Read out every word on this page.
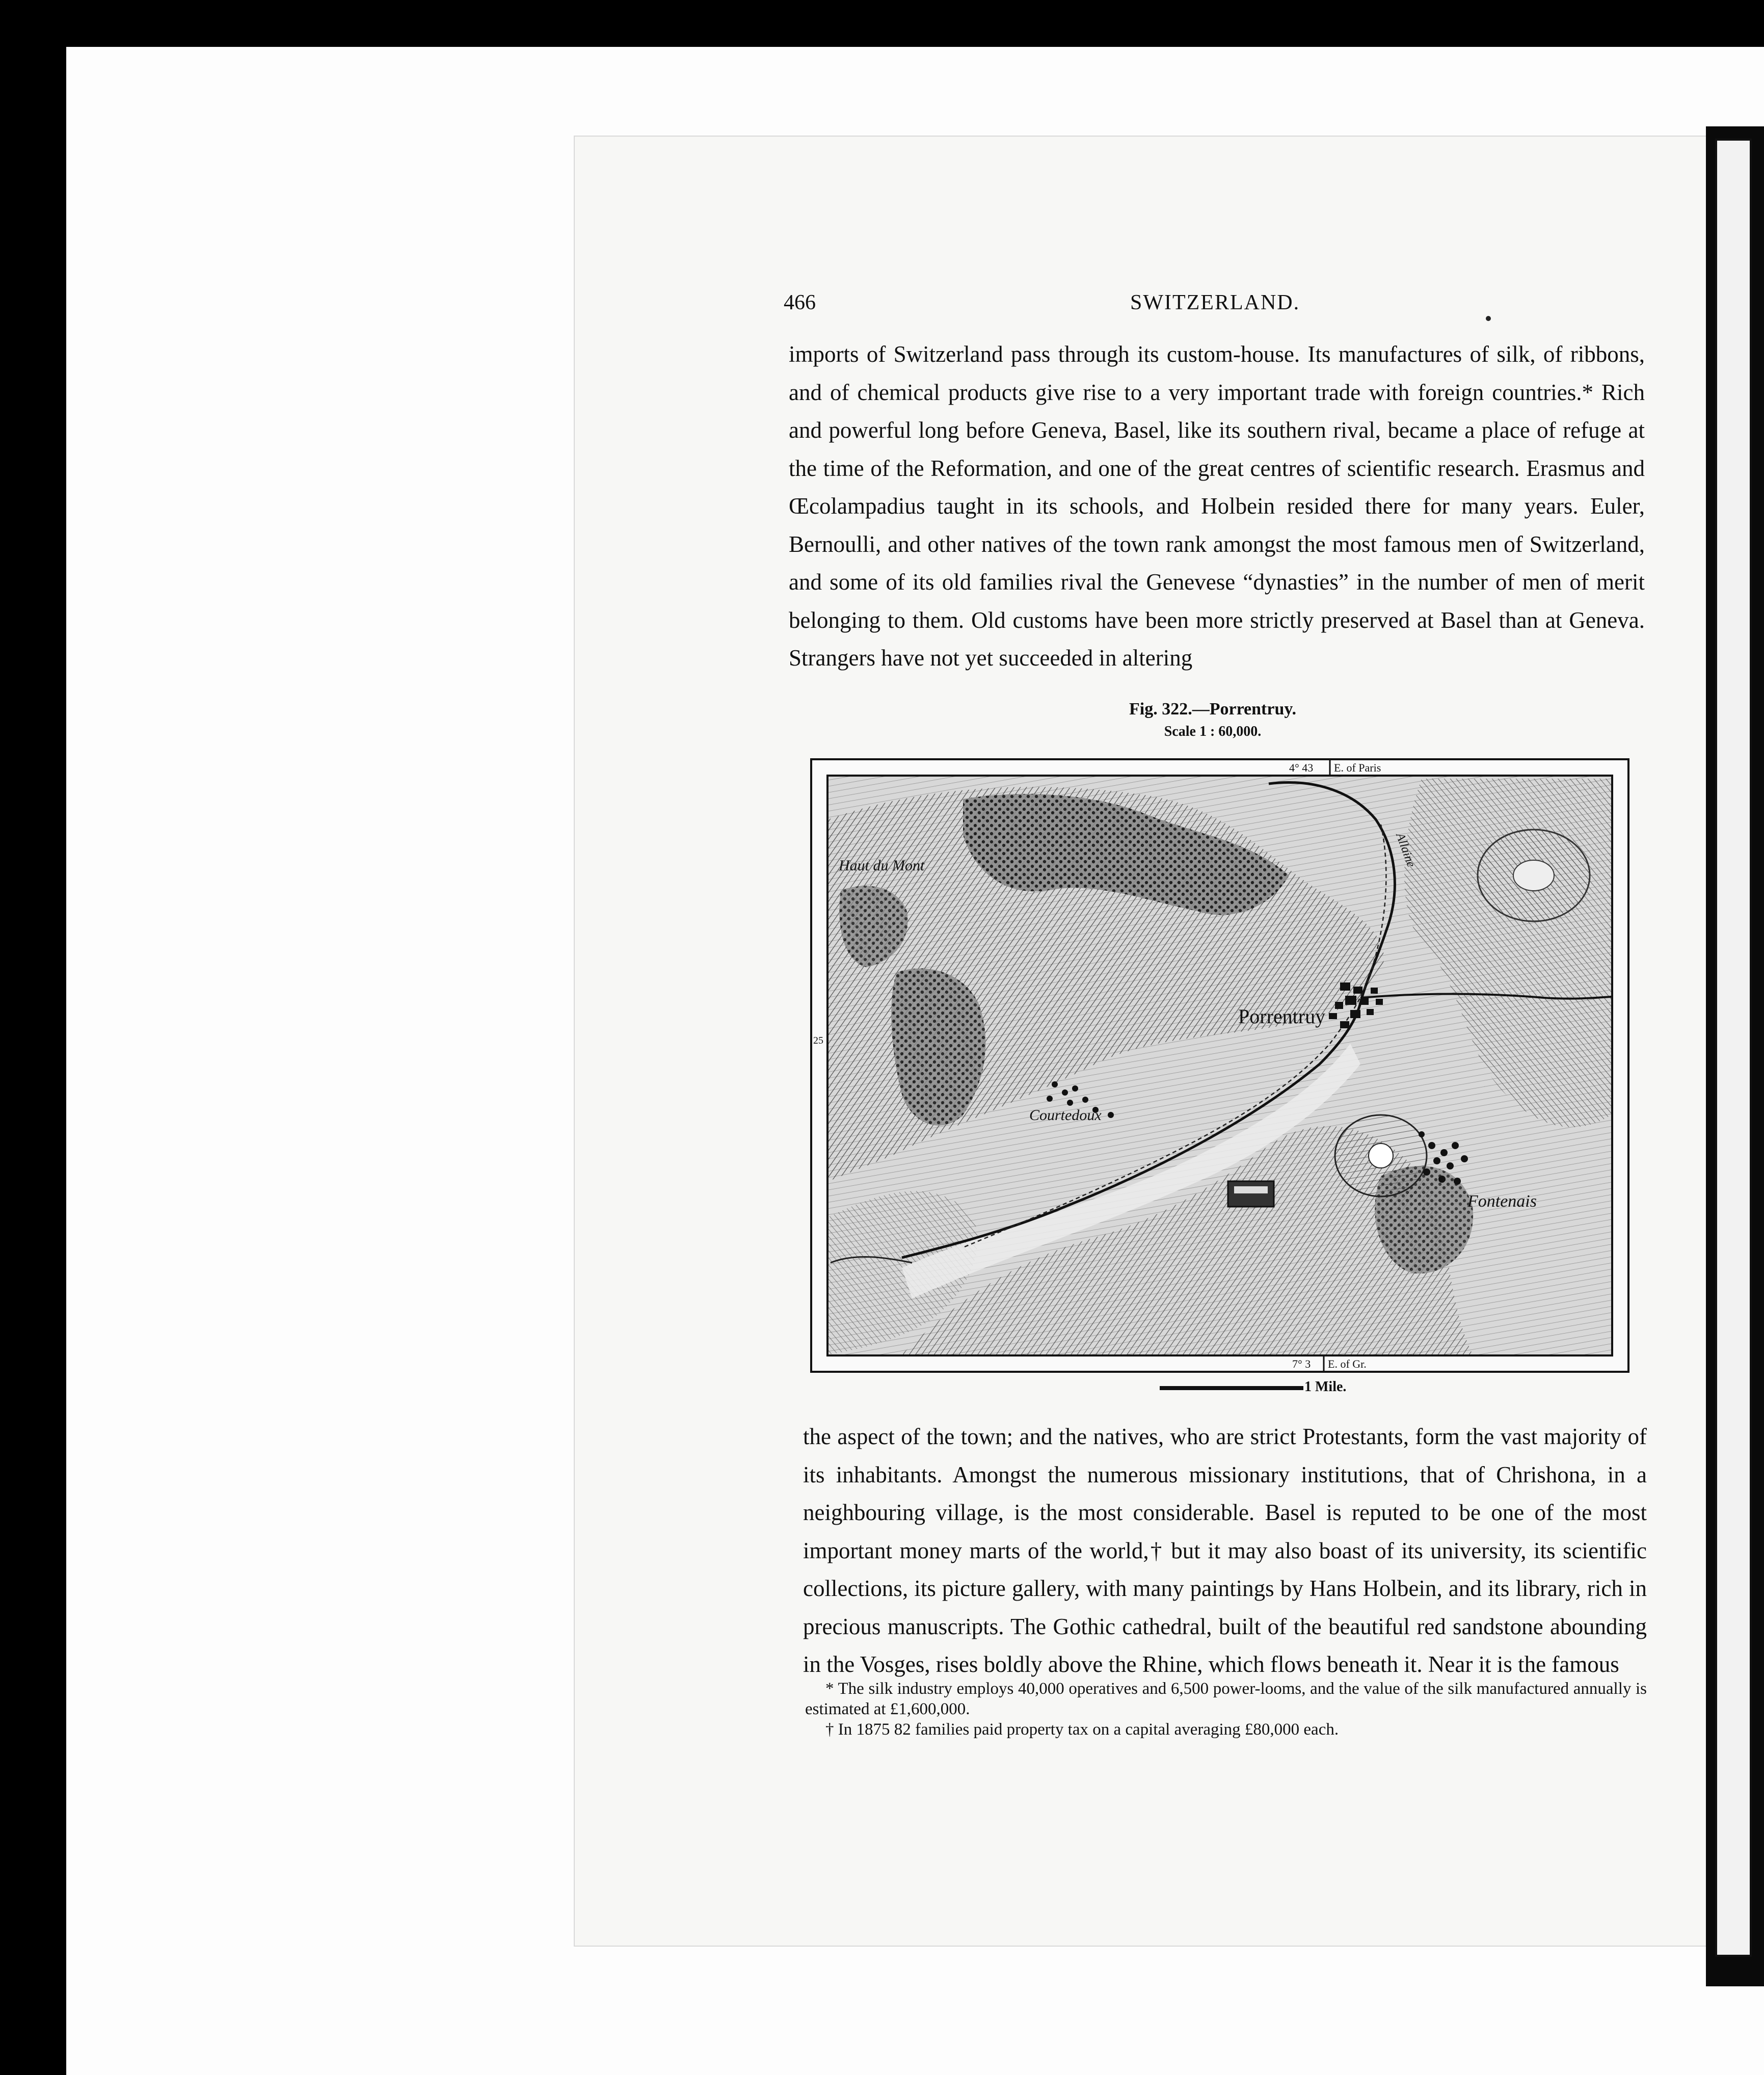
466	SWITZERLAND.

imports of Switzerland pass through its custom-house. Its manufactures of silk, of ribbons, and of chemical products give rise to a very important trade with foreign countries.* Rich and powerful long before Geneva, Basel, like its southern rival, became a place of refuge at the time of the Reformation, and one of the great centres of scientific research. Erasmus and Œcolampadius taught in its schools, and Holbein resided there for many years. Euler, Bernoulli, and other natives of the town rank amongst the most famous men of Switzerland, and some of its old families rival the Genevese “dynasties” in the number of men of merit belonging to them. Old customs have been more strictly preserved at Basel than at Geneva. Strangers have not yet succeeded in altering

Fig. 322.—Porrentruy.
Scale 1 : 60,000.
Haut du Mont
Porrentruy
Courtedoux
Fontenais
Allaine
4° 43 E. of Paris
7° 3 E. of Gr.
25
1 Mile.

the aspect of the town; and the natives, who are strict Protestants, form the vast majority of its inhabitants. Amongst the numerous missionary institutions, that of Chrishona, in a neighbouring village, is the most considerable. Basel is reputed to be one of the most important money marts of the world,† but it may also boast of its university, its scientific collections, its picture gallery, with many paintings by Hans Holbein, and its library, rich in precious manuscripts. The Gothic cathedral, built of the beautiful red sandstone abounding in the Vosges, rises boldly above the Rhine, which flows beneath it. Near it is the famous

* The silk industry employs 40,000 operatives and 6,500 power-looms, and the value of the silk manufactured annually is estimated at £1,600,000.

† In 1875 82 families paid property tax on a capital averaging £80,000 each.
